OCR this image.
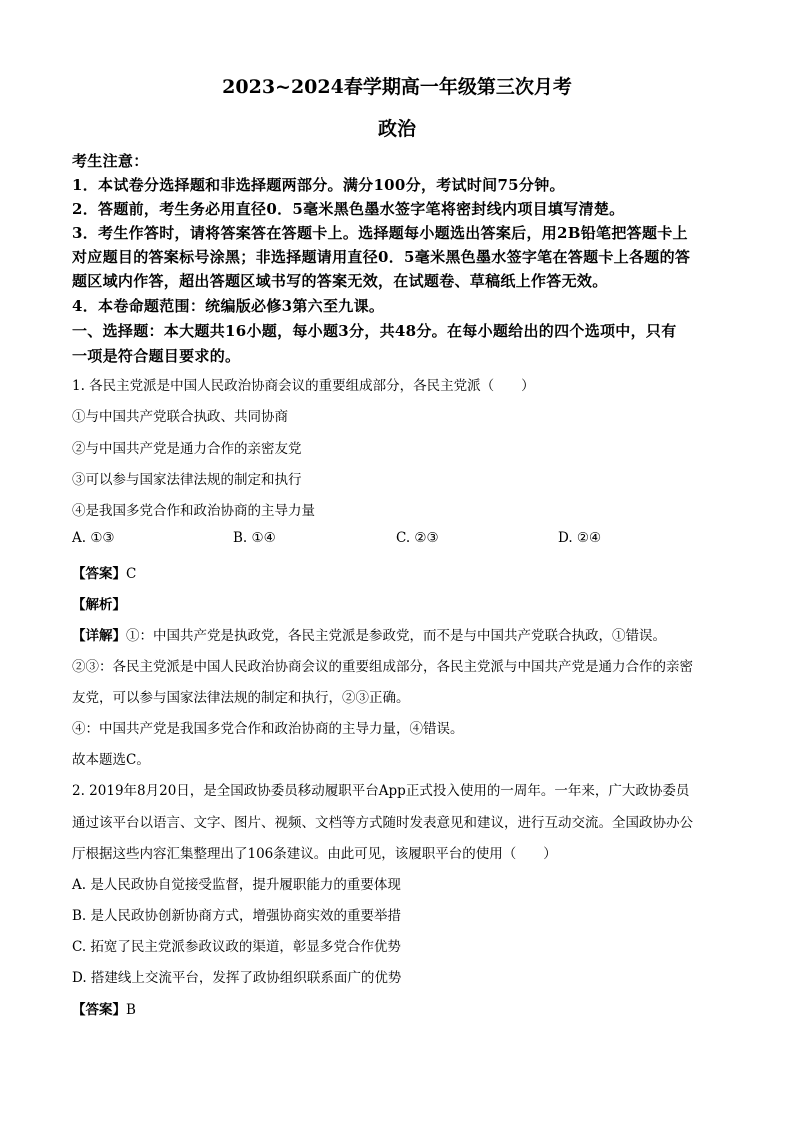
2023~2024春学期高一年级第三次月考
政治
考生注意：
1．本试卷分选择题和非选择题两部分。满分100分，考试时间75分钟。
2．答题前，考生务必用直径0．5毫米黑色墨水签字笔将密封线内项目填写清楚。
3．考生作答时，请将答案答在答题卡上。选择题每小题选出答案后，用2B铅笔把答题卡上
对应题目的答案标号涂黑；非选择题请用直径0．5毫米黑色墨水签字笔在答题卡上各题的答
题区域内作答，超出答题区域书写的答案无效，在试题卷、草稿纸上作答无效。
4．本卷命题范围：统编版必修3第六至九课。
一、选择题：本大题共16小题，每小题3分，共48分。在每小题给出的四个选项中，只有
一项是符合题目要求的。
1. 各民主党派是中国人民政治协商会议的重要组成部分，各民主党派（　　）
①与中国共产党联合执政、共同协商
②与中国共产党是通力合作的亲密友党
③可以参与国家法律法规的制定和执行
④是我国多党合作和政治协商的主导力量
A. ①③	B. ①④	C. ②③	D. ②④
【答案】C
【解析】
【详解】①：中国共产党是执政党，各民主党派是参政党，而不是与中国共产党联合执政，①错误。
②③：各民主党派是中国人民政治协商会议的重要组成部分，各民主党派与中国共产党是通力合作的亲密
友党，可以参与国家法律法规的制定和执行，②③正确。
④：中国共产党是我国多党合作和政治协商的主导力量，④错误。
故本题选C。
2. 2019年8月20日，是全国政协委员移动履职平台App正式投入使用的一周年。一年来，广大政协委员
通过该平台以语言、文字、图片、视频、文档等方式随时发表意见和建议，进行互动交流。全国政协办公
厅根据这些内容汇集整理出了106条建议。由此可见，该履职平台的使用（　　）
A. 是人民政协自觉接受监督，提升履职能力的重要体现
B. 是人民政协创新协商方式，增强协商实效的重要举措
C. 拓宽了民主党派参政议政的渠道，彰显多党合作优势
D. 搭建线上交流平台，发挥了政协组织联系面广的优势
【答案】B
